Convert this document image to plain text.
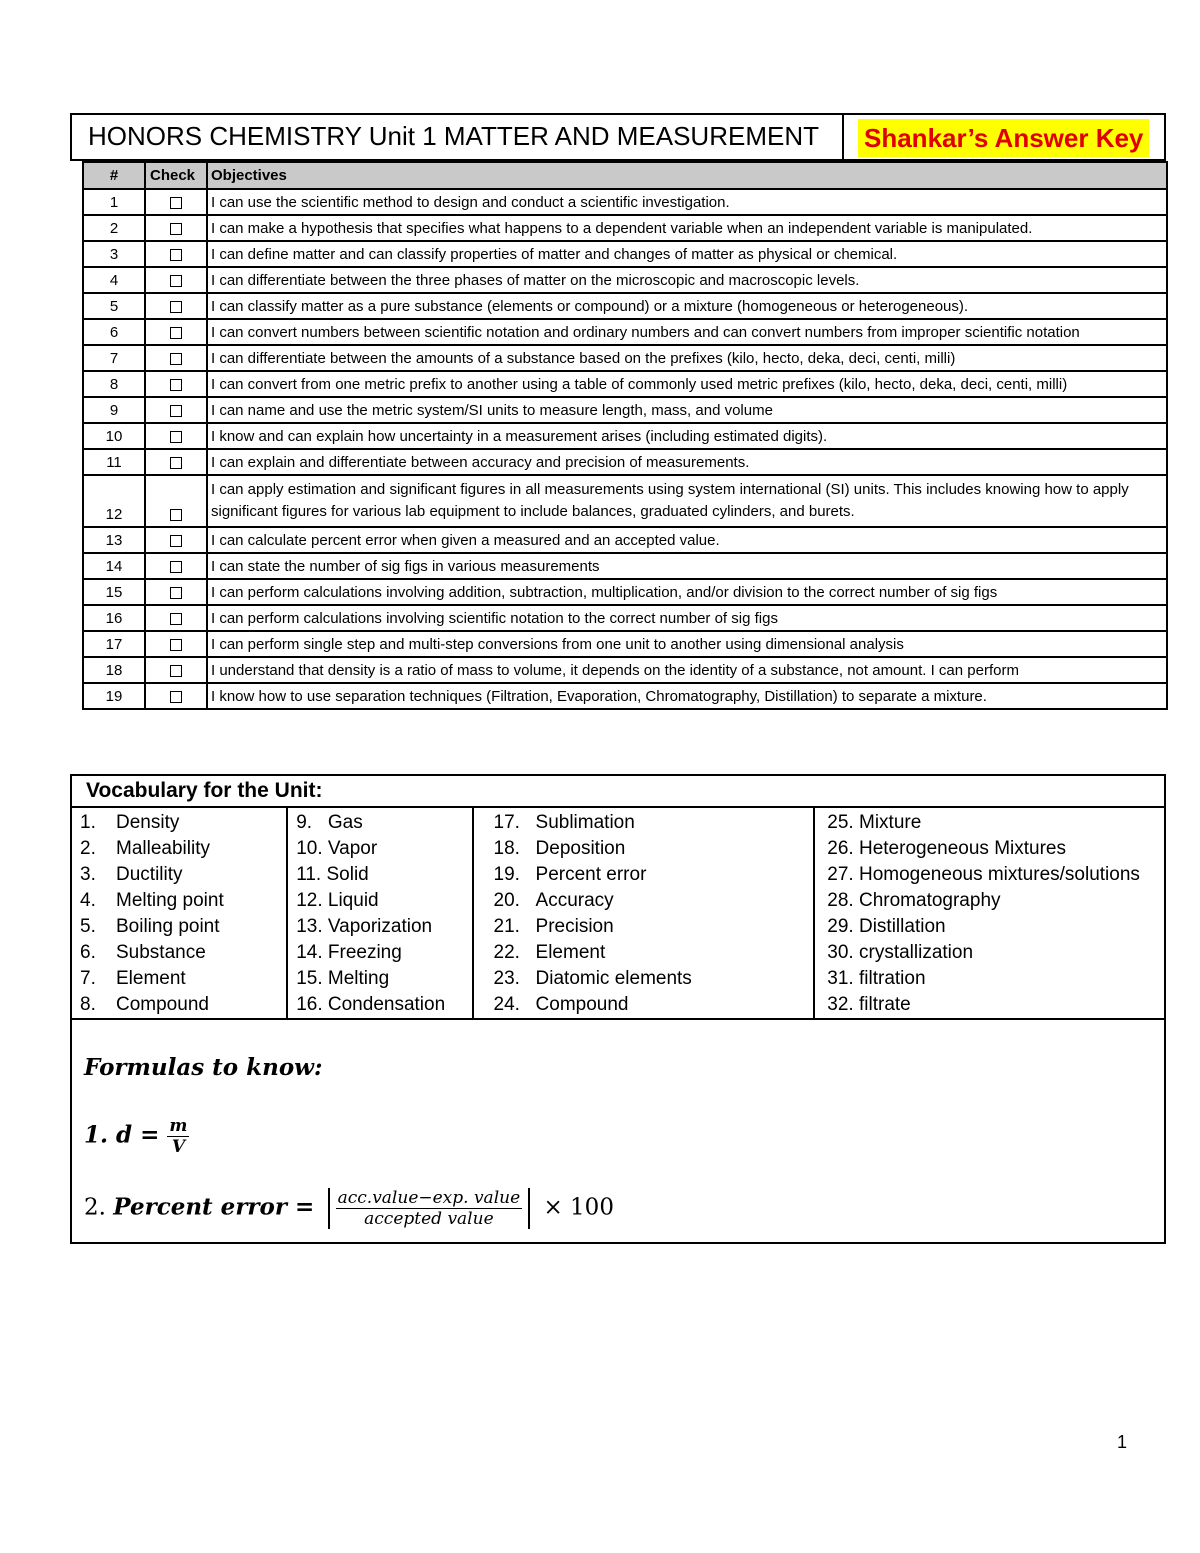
HONORS CHEMISTRY Unit 1 MATTER AND MEASUREMENT Shankar’s Answer Key
#	Check	Objectives
1		I can use the scientific method to design and conduct a scientific investigation.
2		I can make a hypothesis that specifies what happens to a dependent variable when an independent variable is manipulated.
3		I can define matter and can classify properties of matter and changes of matter as physical or chemical.
4		I can differentiate between the three phases of matter on the microscopic and macroscopic levels.
5		I can classify matter as a pure substance (elements or compound) or a mixture (homogeneous or heterogeneous).
6		I can convert numbers between scientific notation and ordinary numbers and can convert numbers from improper scientific notation
7		I can differentiate between the amounts of a substance based on the prefixes (kilo, hecto, deka, deci, centi, milli)
8		I can convert from one metric prefix to another using a table of commonly used metric prefixes (kilo, hecto, deka, deci, centi, milli)
9		I can name and use the metric system/SI units to measure length, mass, and volume
10		I know and can explain how uncertainty in a measurement arises (including estimated digits).
11		I can explain and differentiate between accuracy and precision of measurements.
12		I can apply estimation and significant figures in all measurements using system international (SI) units. This includes knowing how to apply significant figures for various lab equipment to include balances, graduated cylinders, and burets.
13		I can calculate percent error when given a measured and an accepted value.
14		I can state the number of sig figs in various measurements
15		I can perform calculations involving addition, subtraction, multiplication, and/or division to the correct number of sig figs
16		I can perform calculations involving scientific notation to the correct number of sig figs
17		I can perform single step and multi-step conversions from one unit to another using dimensional analysis
18		I understand that density is a ratio of mass to volume, it depends on the identity of a substance, not amount. I can perform
19		I know how to use separation techniques (Filtration, Evaporation, Chromatography, Distillation) to separate a mixture.
Vocabulary for the Unit:
1. Density
2. Malleability
3. Ductility
4. Melting point
5. Boiling point
6. Substance
7. Element
8. Compound
9.   Gas
10. Vapor
11. Solid
12. Liquid
13. Vaporization
14. Freezing
15. Melting
16. Condensation
17. Sublimation
18. Deposition
19. Percent error
20. Accuracy
21. Precision
22. Element
23. Diatomic elements
24. Compound
25. Mixture
26. Heterogeneous Mixtures
27. Homogeneous mixtures/solutions
28. Chromatography
29. Distillation
30. crystallization
31. filtration
32. filtrate
Formulas to know:
1. $d = \frac{m}{V}$
2. Percent error = $\frac{\text{acc.value−exp. value}}{\text{accepted value}} \times 100$
1
